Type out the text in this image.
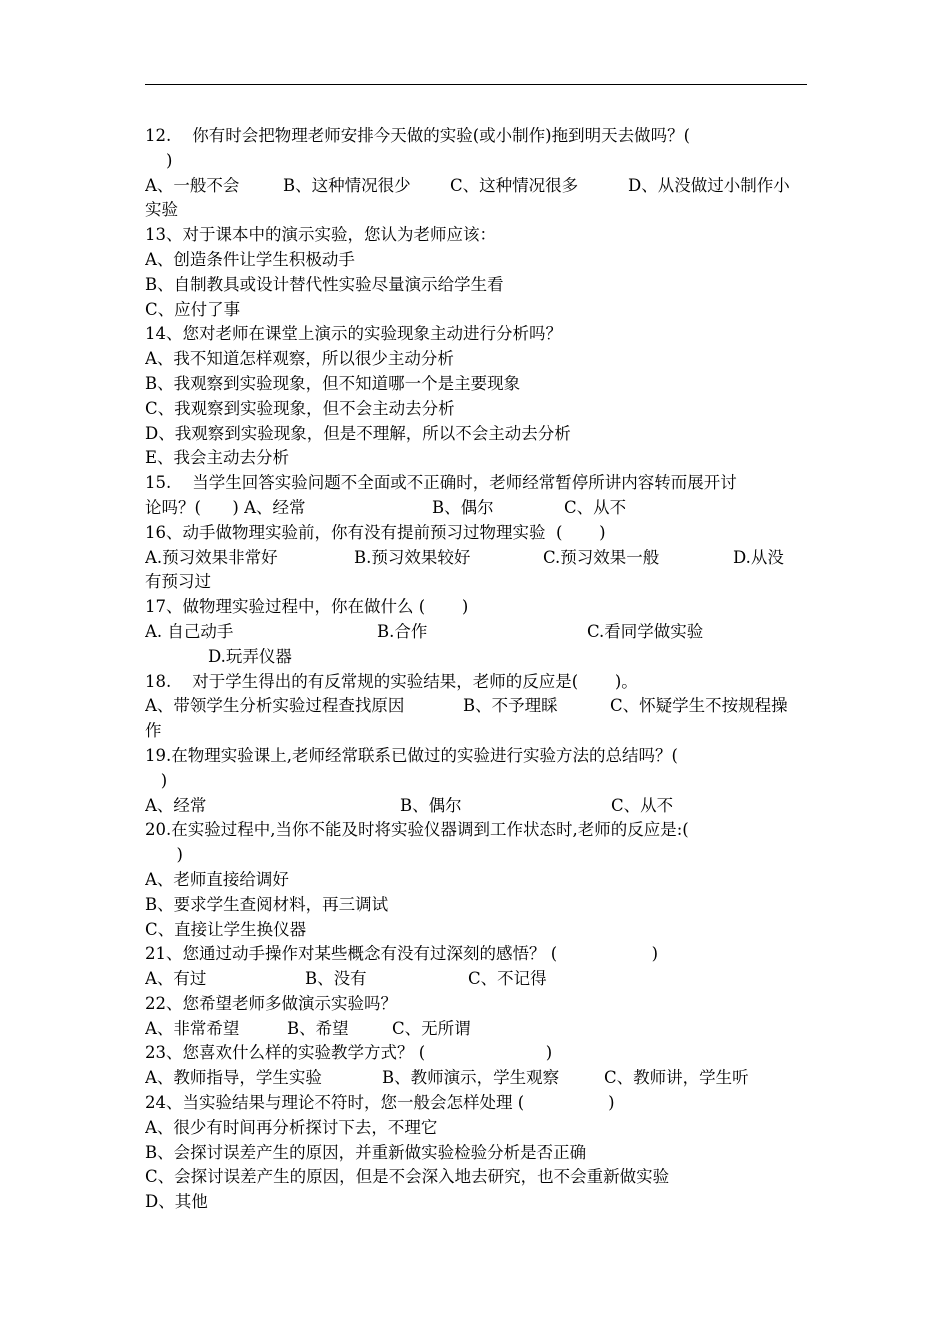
12.    你有时会把物理老师安排今天做的实验(或小制作)拖到明天去做吗？(
)
A、一般不会	B、这种情况很少 C、这种情况很多	D、从没做过小制作小
实验
13、对于课本中的演示实验，您认为老师应该：
A、创造条件让学生积极动手
B、自制教具或设计替代性实验尽量演示给学生看
C、应付了事
14、您对老师在课堂上演示的实验现象主动进行分析吗？
A、我不知道怎样观察，所以很少主动分析
B、我观察到实验现象，但不知道哪一个是主要现象
C、我观察到实验现象，但不会主动去分析
D、我观察到实验现象，但是不理解，所以不会主动去分析
E、我会主动去分析
15.    当学生回答实验问题不全面或不正确时，老师经常暂停所讲内容转而展开讨
论吗？(      ) A、经常	B、偶尔	C、从不
16、动手做物理实验前，你有没有提前预习过物理实验  (       )
A.预习效果非常好	B.预习效果较好	C.预习效果一般	D.从没
有预习过
17、做物理实验过程中，你在做什么 (       )
A. 自己动手	B.合作	C.看同学做实验
D.玩弄仪器
18.    对于学生得出的有反常规的实验结果，老师的反应是(       )。
A、带领学生分析实验过程查找原因	B、不予理睬	C、怀疑学生不按规程操
作
19.在物理实验课上,老师经常联系已做过的实验进行实验方法的总结吗？(
)
A、经常	B、偶尔	C、从不
20.在实验过程中,当你不能及时将实验仪器调到工作状态时,老师的反应是:(
)
A、老师直接给调好
B、要求学生查阅材料，再三调试
C、直接让学生换仪器
21、您通过动手操作对某些概念有没有过深刻的感悟？ (                  )
A、有过	B、没有	C、不记得
22、您希望老师多做演示实验吗？
A、非常希望	B、希望	C、无所谓
23、您喜欢什么样的实验教学方式？ (                       )
A、教师指导，学生实验	B、教师演示，学生观察	C、教师讲，学生听
24、当实验结果与理论不符时，您一般会怎样处理 (                )
A、很少有时间再分析探讨下去，不理它
B、会探讨误差产生的原因，并重新做实验检验分析是否正确
C、会探讨误差产生的原因，但是不会深入地去研究，也不会重新做实验
D、其他
